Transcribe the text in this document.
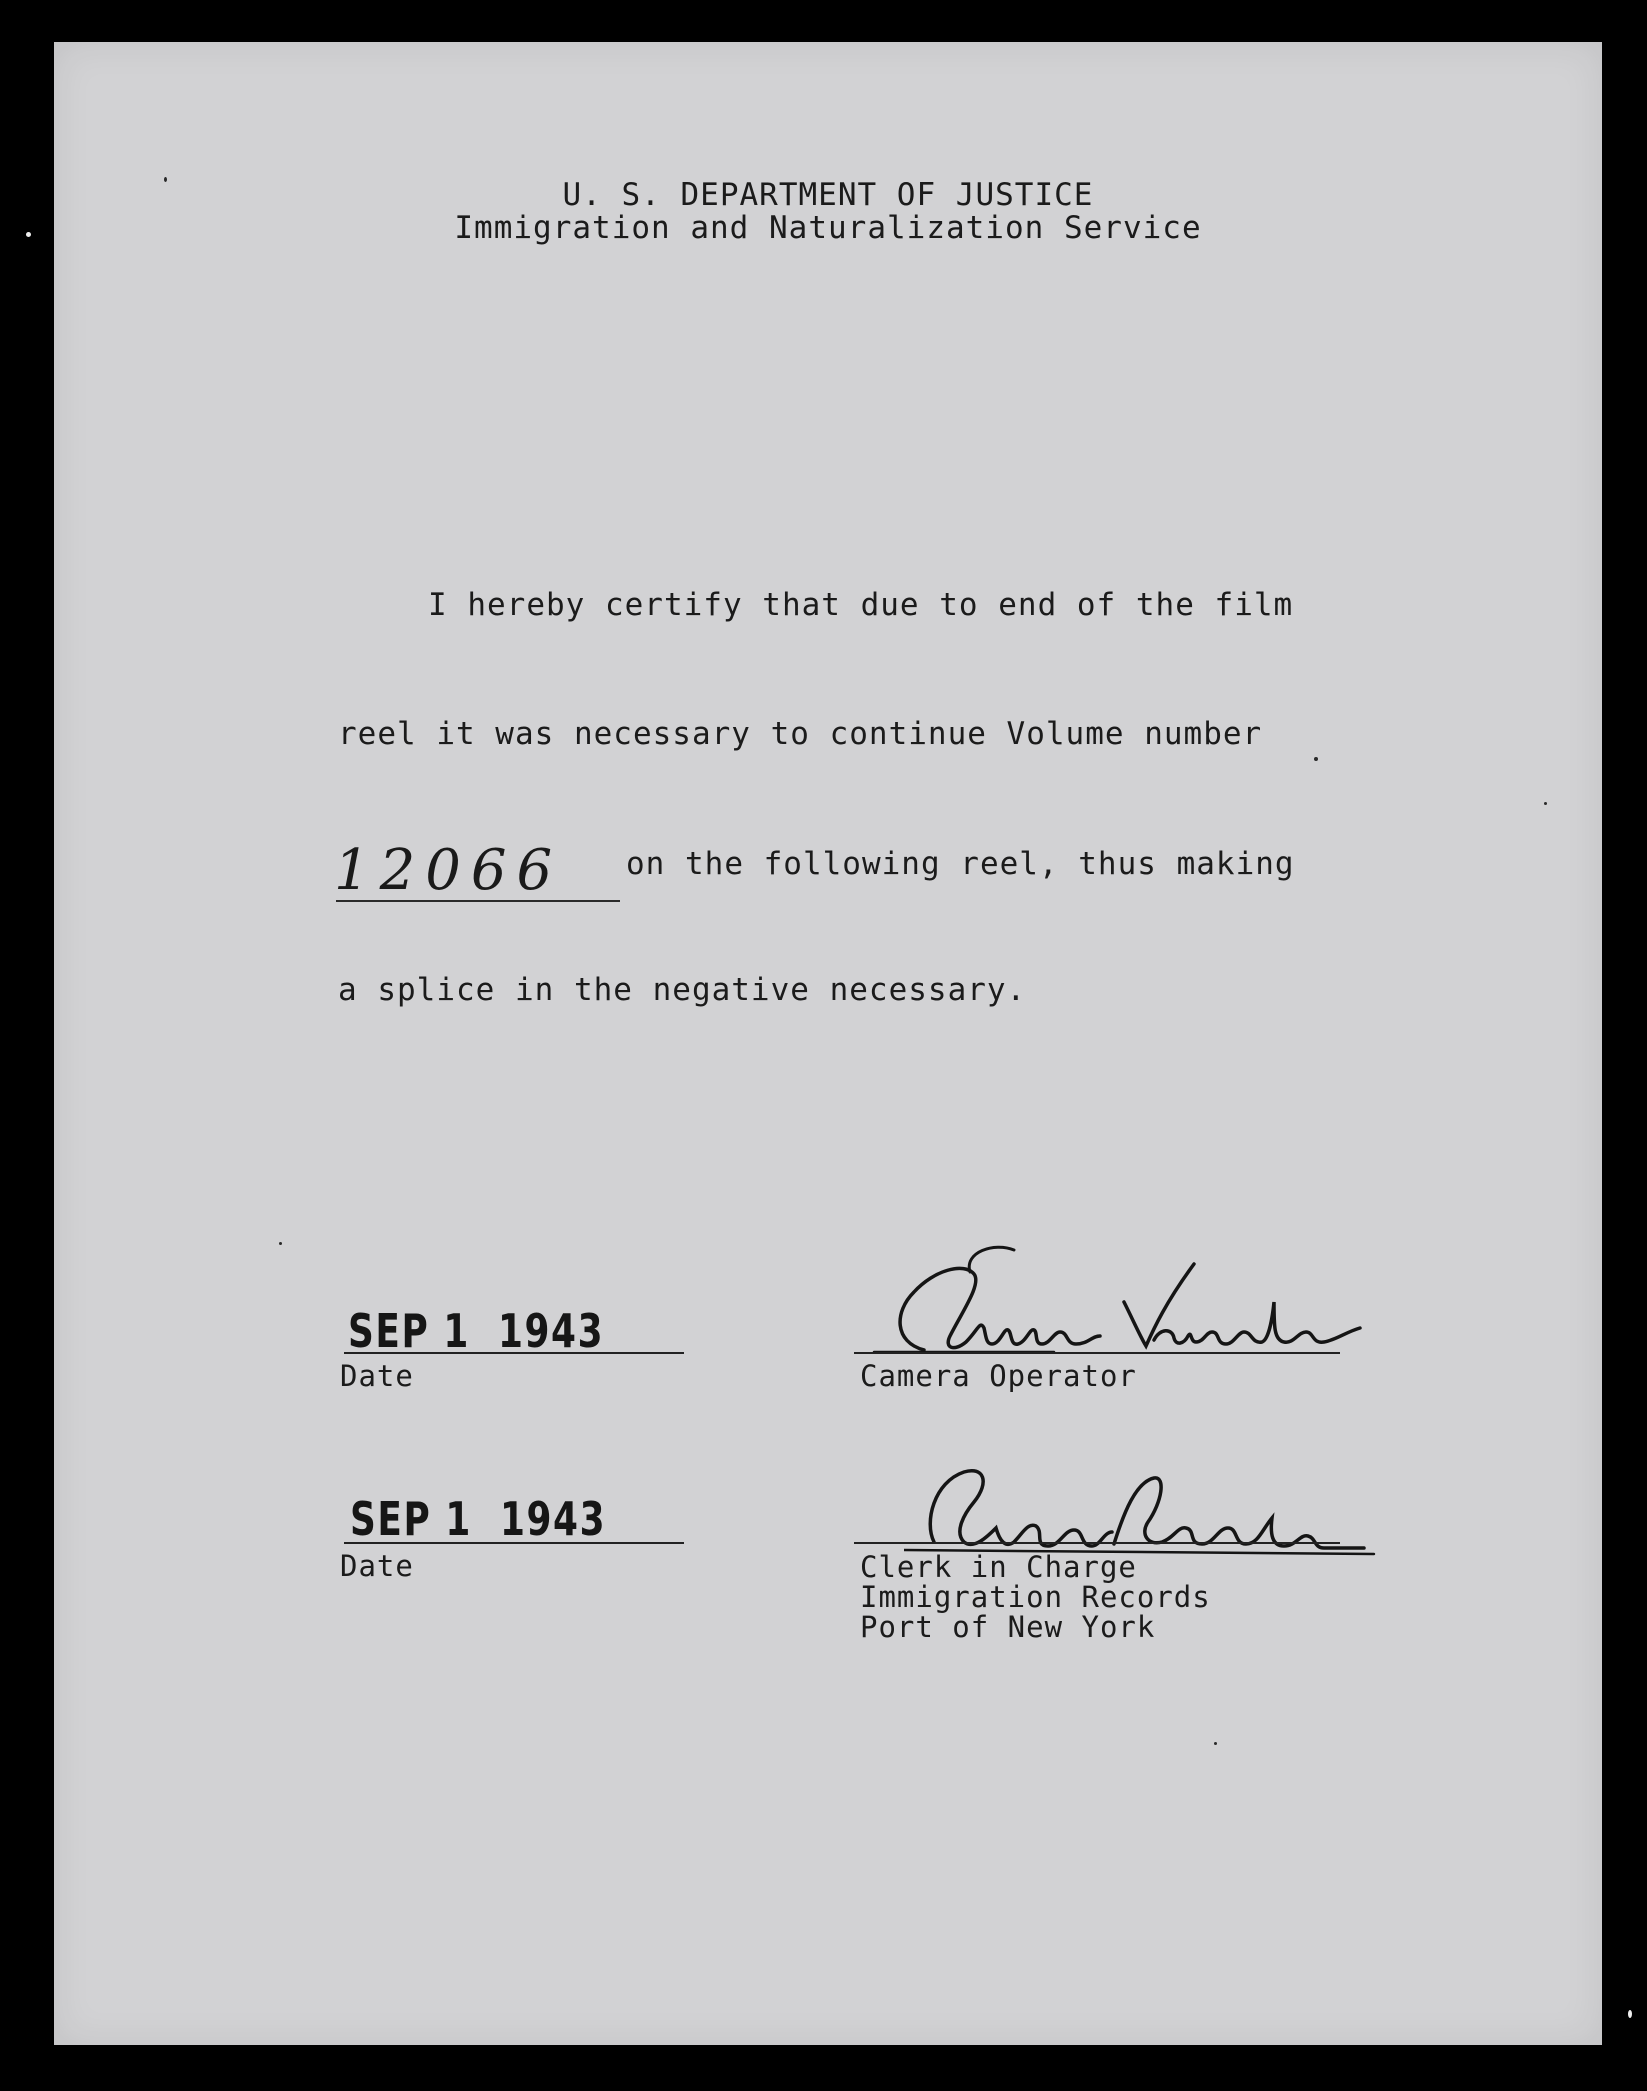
U. S. DEPARTMENT OF JUSTICE
Immigration and Naturalization Service
I hereby certify that due to end of the film
reel it was necessary to continue Volume number
12066 on the following reel, thus making
a splice in the negative necessary.
SEP 1  1943
Date
SEP 1  1943
Date
Camera Operator
Clerk in Charge
Immigration Records
Port of New York
